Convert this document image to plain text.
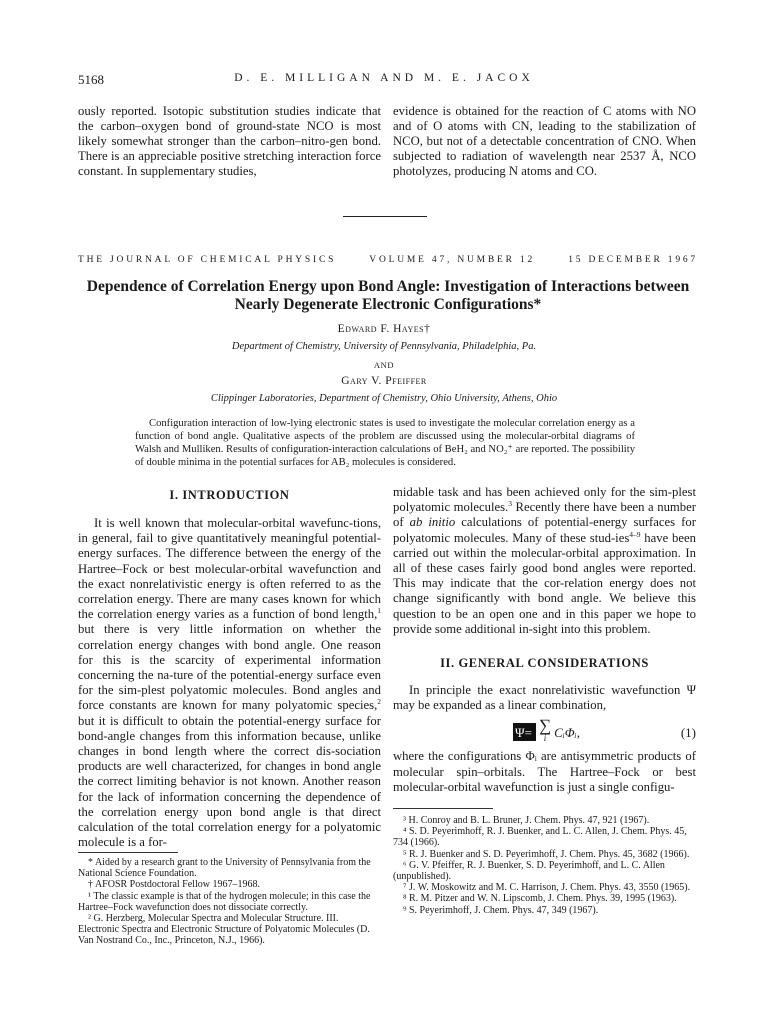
5168	D. E. MILLIGAN AND M. E. JACOX

ously reported. Isotopic substitution studies indicate that the carbon–oxygen bond of ground-state NCO is most likely somewhat stronger than the carbon–nitro-gen bond. There is an appreciable positive stretching interaction force constant. In supplementary studies,

evidence is obtained for the reaction of C atoms with NO and of O atoms with CN, leading to the stabilization of NCO, but not of a detectable concentration of CNO. When subjected to radiation of wavelength near 2537 Å, NCO photolyzes, producing N atoms and CO.

THE JOURNAL OF CHEMICAL PHYSICS	VOLUME 47, NUMBER 12	15 DECEMBER 1967
Dependence of Correlation Energy upon Bond Angle: Investigation of Interactions between Nearly Degenerate Electronic Configurations*
Edward F. Hayes†
Department of Chemistry, University of Pennsylvania, Philadelphia, Pa.
AND
Gary V. Pfeiffer
Clippinger Laboratories, Department of Chemistry, Ohio University, Athens, Ohio
Configuration interaction of low-lying electronic states is used to investigate the molecular correlation energy as a function of bond angle. Qualitative aspects of the problem are discussed using the molecular-orbital diagrams of Walsh and Mulliken. Results of configuration-interaction calculations of BeH₂ and NO₂⁺ are reported. The possibility of double minima in the potential surfaces for AB₂ molecules is considered.
I. INTRODUCTION

It is well known that molecular-orbital wavefunc-tions, in general, fail to give quantitatively meaningful potential-energy surfaces. The difference between the energy of the Hartree–Fock or best molecular-orbital wavefunction and the exact nonrelativistic energy is often referred to as the correlation energy. There are many cases known for which the correlation energy varies as a function of bond length,$^1$ but there is very little information on whether the correlation energy changes with bond angle. One reason for this is the scarcity of experimental information concerning the na-ture of the potential-energy surface even for the sim-plest polyatomic molecules. Bond angles and force constants are known for many polyatomic species,$^2$ but it is difficult to obtain the potential-energy surface for bond-angle changes from this information because, unlike changes in bond length where the correct dis-sociation products are well characterized, for changes in bond angle the correct limiting behavior is not known. Another reason for the lack of information concerning the dependence of the correlation energy upon bond angle is that direct calculation of the total correlation energy for a polyatomic molecule is a for-

midable task and has been achieved only for the sim-plest polyatomic molecules.$^3$ Recently there have been a number of ab initio calculations of potential-energy surfaces for polyatomic molecules. Many of these stud-ies$^{4-9}$ have been carried out within the molecular-orbital approximation. In all of these cases fairly good bond angles were reported. This may indicate that the cor-relation energy does not change significantly with bond angle. We believe this question to be an open one and in this paper we hope to provide some additional in-sight into this problem.

II. GENERAL CONSIDERATIONS

In principle the exact nonrelativistic wavefunction Ψ may be expanded as a linear combination,

Ψ= ∑
i CᵢΦᵢ,	(1)

where the configurations Φᵢ are antisymmetric products of molecular spin–orbitals. The Hartree–Fock or best molecular-orbital wavefunction is just a single configu-

* Aided by a research grant to the University of Pennsylvania from the National Science Foundation.

† AFOSR Postdoctoral Fellow 1967–1968.

¹ The classic example is that of the hydrogen molecule; in this case the Hartree–Fock wavefunction does not dissociate correctly.

² G. Herzberg, Molecular Spectra and Molecular Structure. III. Electronic Spectra and Electronic Structure of Polyatomic Molecules (D. Van Nostrand Co., Inc., Princeton, N.J., 1966).

³ H. Conroy and B. L. Bruner, J. Chem. Phys. 47, 921 (1967).

⁴ S. D. Peyerimhoff, R. J. Buenker, and L. C. Allen, J. Chem. Phys. 45, 734 (1966).

⁵ R. J. Buenker and S. D. Peyerimhoff, J. Chem. Phys. 45, 3682 (1966).

⁶ G. V. Pfeiffer, R. J. Buenker, S. D. Peyerimhoff, and L. C. Allen (unpublished).

⁷ J. W. Moskowitz and M. C. Harrison, J. Chem. Phys. 43, 3550 (1965).

⁸ R. M. Pitzer and W. N. Lipscomb, J. Chem. Phys. 39, 1995 (1963).

⁹ S. Peyerimhoff, J. Chem. Phys. 47, 349 (1967).
